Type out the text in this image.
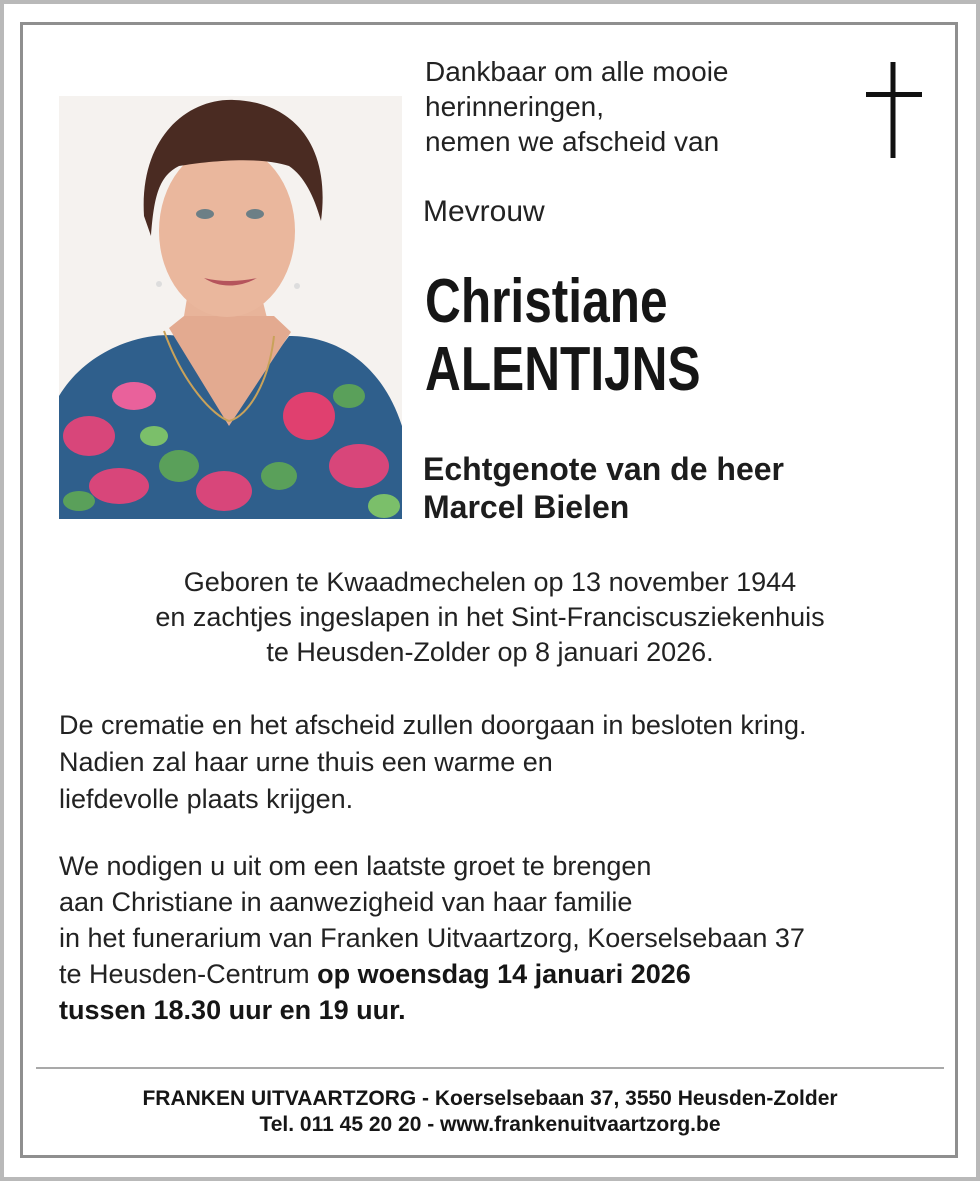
Dankbaar om alle mooie
herinneringen,
nemen we afscheid van
Mevrouw
Christiane
ALENTIJNS
Echtgenote van de heer
Marcel Bielen
Geboren te Kwaadmechelen op 13 november 1944
en zachtjes ingeslapen in het Sint-Franciscusziekenhuis
te Heusden-Zolder op 8 januari 2026.
De crematie en het afscheid zullen doorgaan in besloten kring.
Nadien zal haar urne thuis een warme en
liefdevolle plaats krijgen.
We nodigen u uit om een laatste groet te brengen
aan Christiane in aanwezigheid van haar familie
in het funerarium van Franken Uitvaartzorg, Koerselsebaan 37
te Heusden-Centrum op woensdag 14 januari 2026
tussen 18.30 uur en 19 uur.
FRANKEN UITVAARTZORG - Koerselsebaan 37, 3550 Heusden-Zolder
Tel. 011 45 20 20 - www.frankenuitvaartzorg.be
